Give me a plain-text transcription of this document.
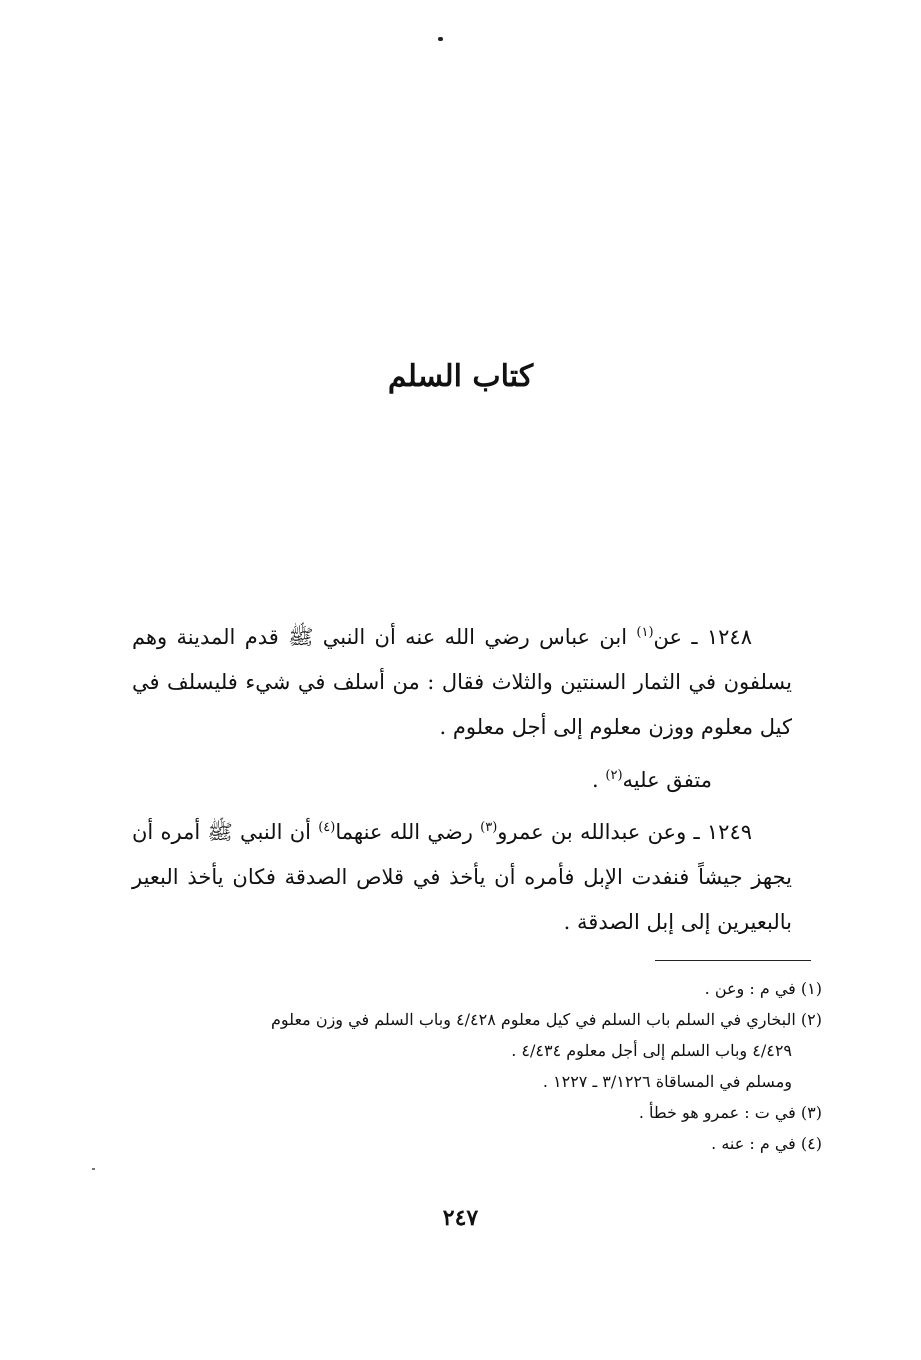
كتاب السلم

١٢٤٨ ـ عن$^{(١)}$ ابن عباس رضي الله عنه أن النبي ﷺ قدم المدينة وهم يسلفون في الثمار السنتين والثلاث فقال : من أسلف في شيء فليسلف في كيل معلوم ووزن معلوم إلى أجل معلوم .

متفق عليه$^{(٢)}$ .

١٢٤٩ ـ وعن عبدالله بن عمرو$^{(٣)}$ رضي الله عنهما$^{(٤)}$ أن النبي ﷺ أمره أن يجهز جيشاً فنفدت الإبل فأمره أن يأخذ في قلاص الصدقة فكان يأخذ البعير بالبعيرين إلى إبل الصدقة .

(١) في م : وعن .

(٢) البخاري في السلم باب السلم في كيل معلوم ٤/٤٢٨ وباب السلم في وزن معلوم

٤/٤٢٩ وباب السلم إلى أجل معلوم ٤/٤٣٤ .

ومسلم في المساقاة ٣/١٢٢٦ ـ ١٢٢٧ .

(٣) في ت : عمرو هو خطأ .

(٤) في م : عنه .

٢٤٧
